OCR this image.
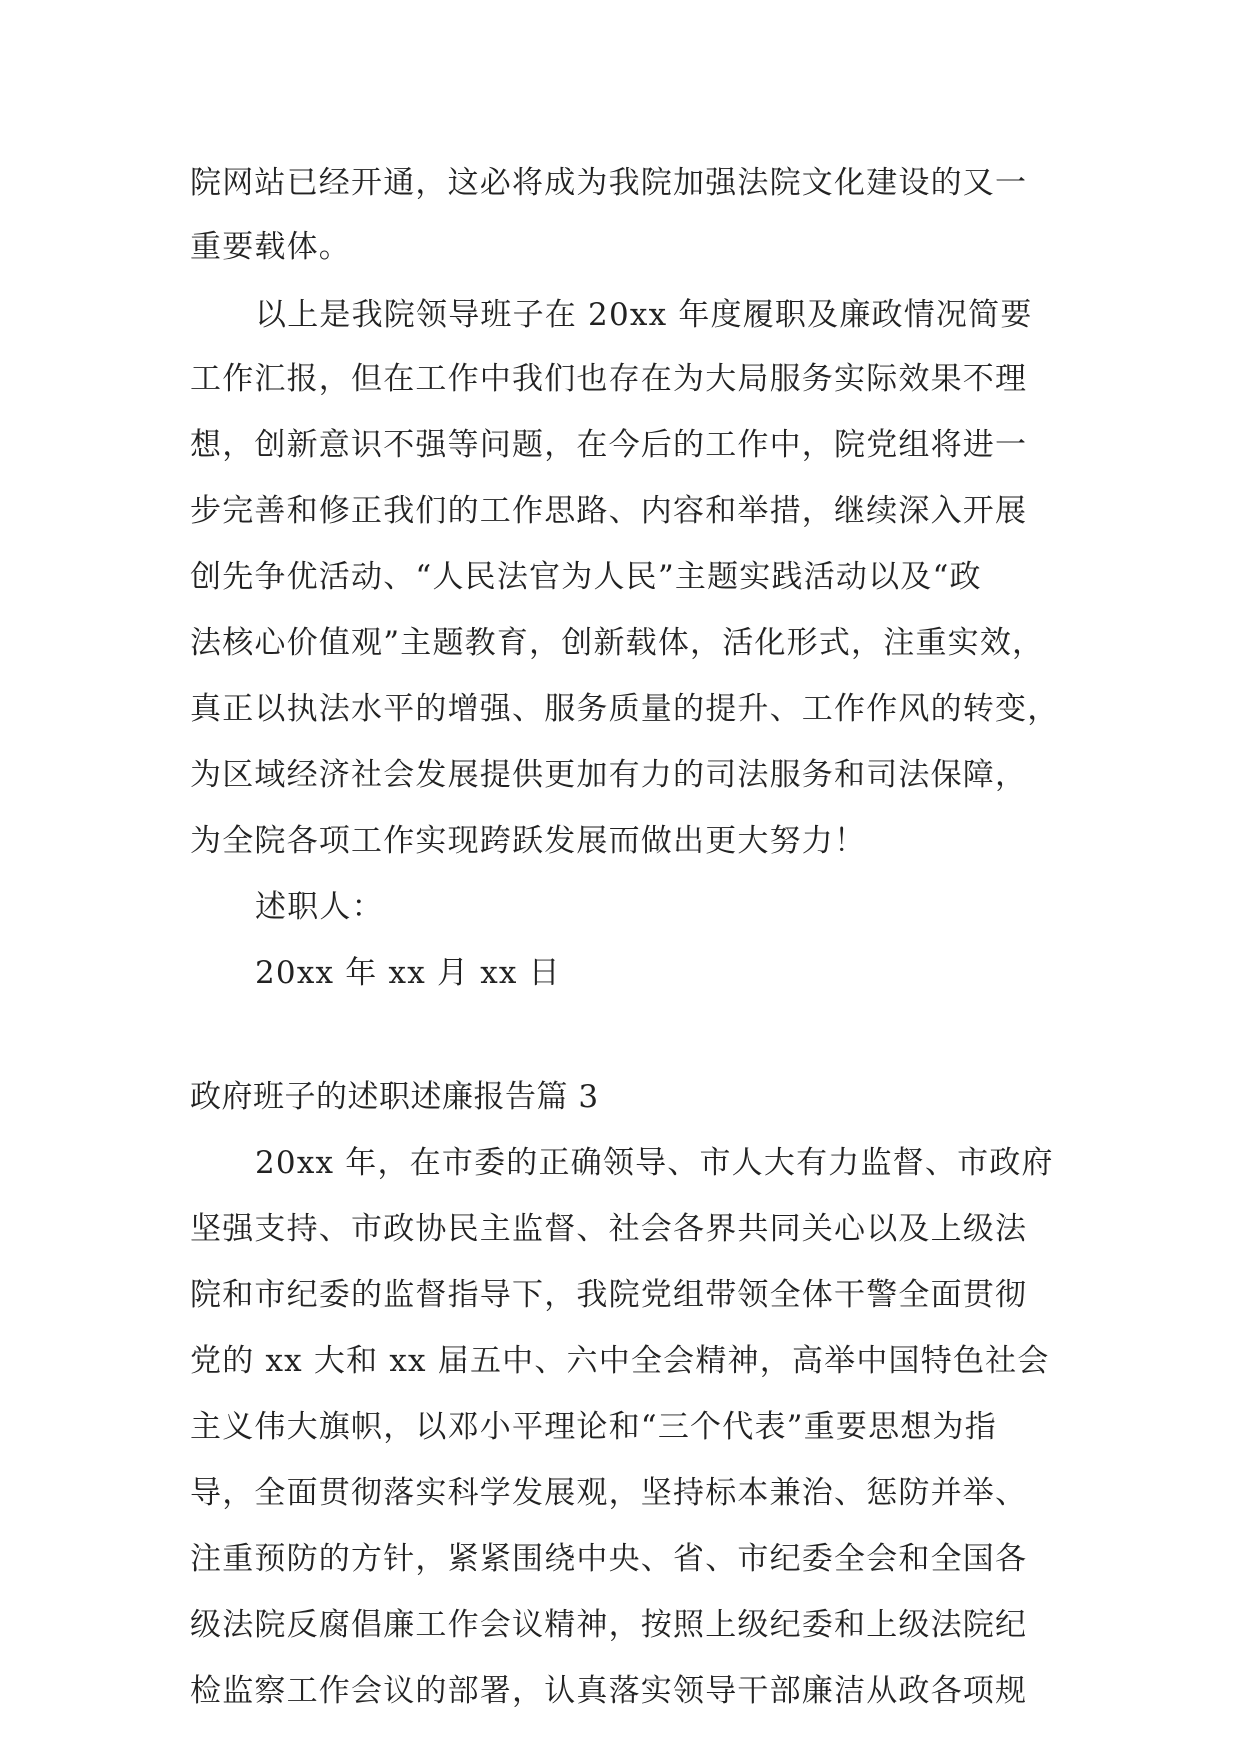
院网站已经开通，这必将成为我院加强法院文化建设的又一
重要载体。
以上是我院领导班子在 20xx 年度履职及廉政情况简要
工作汇报，但在工作中我们也存在为大局服务实际效果不理
想，创新意识不强等问题，在今后的工作中，院党组将进一
步完善和修正我们的工作思路、内容和举措，继续深入开展
创先争优活动、“人民法官为人民”主题实践活动以及“政
法核心价值观”主题教育，创新载体，活化形式，注重实效，
真正以执法水平的增强、服务质量的提升、工作作风的转变，
为区域经济社会发展提供更加有力的司法服务和司法保障，
为全院各项工作实现跨跃发展而做出更大努力！
述职人：
20xx 年 xx 月 xx 日
政府班子的述职述廉报告篇 3
20xx 年，在市委的正确领导、市人大有力监督、市政府
坚强支持、市政协民主监督、社会各界共同关心以及上级法
院和市纪委的监督指导下，我院党组带领全体干警全面贯彻
党的 xx 大和 xx 届五中、六中全会精神，高举中国特色社会
主义伟大旗帜，以邓小平理论和“三个代表”重要思想为指
导，全面贯彻落实科学发展观，坚持标本兼治、惩防并举、
注重预防的方针，紧紧围绕中央、省、市纪委全会和全国各
级法院反腐倡廉工作会议精神，按照上级纪委和上级法院纪
检监察工作会议的部署，认真落实领导干部廉洁从政各项规
